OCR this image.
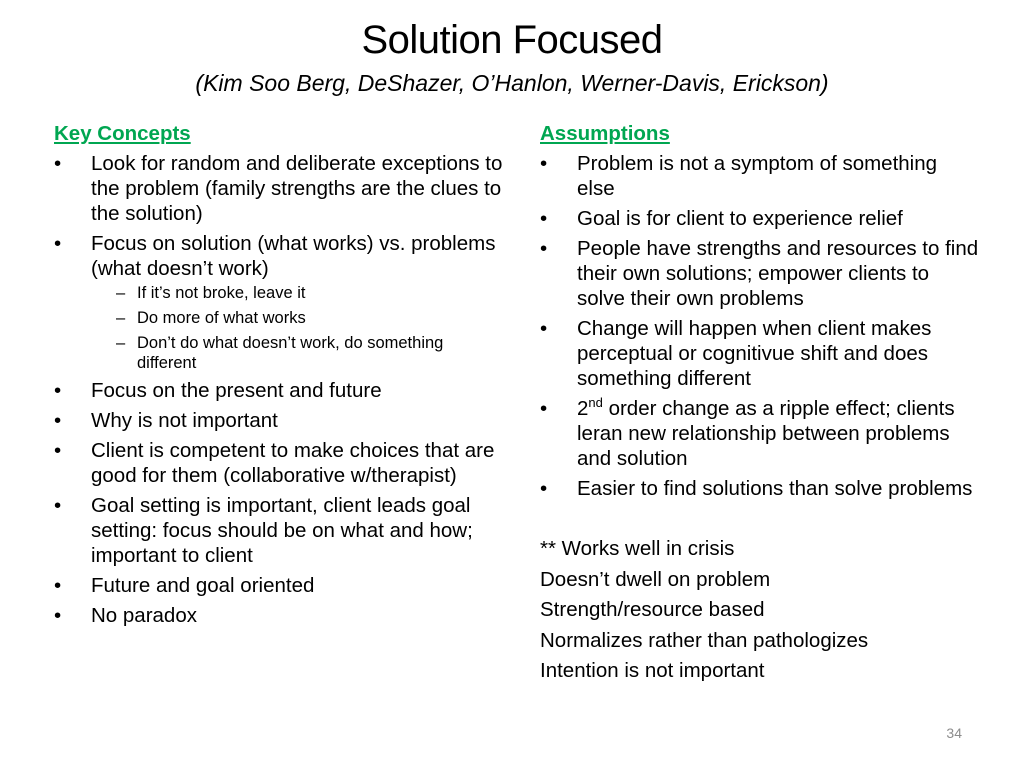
Solution Focused
(Kim Soo Berg, DeShazer, O’Hanlon, Werner-Davis, Erickson)
Key Concepts
•	Look for random and deliberate exceptions to the problem (family strengths are the clues to the solution)
•	Focus on solution (what works) vs. problems (what doesn’t work)
– If it’s not broke, leave it
– Do more of what works
– Don’t do what doesn’t work, do something different
•	Focus on the present and future
•	Why is not important
•	Client is competent to make choices that are good for them (collaborative w/therapist)
•	Goal setting is important, client leads goal setting: focus should be on what and how; important to client
•	Future and goal oriented
•	No paradox
Assumptions
•	Problem is not a symptom of something else
•	Goal is for client to experience relief
•	People have strengths and resources to find their own solutions; empower clients to solve their own problems
•	Change will happen when client makes perceptual or cognitivue shift and does something different
•	2nd order change as a ripple effect; clients leran new relationship between problems and solution
•	Easier to find solutions than solve problems
** Works well in crisis
Doesn’t dwell on problem
Strength/resource based
Normalizes rather than pathologizes
Intention is not important
34
